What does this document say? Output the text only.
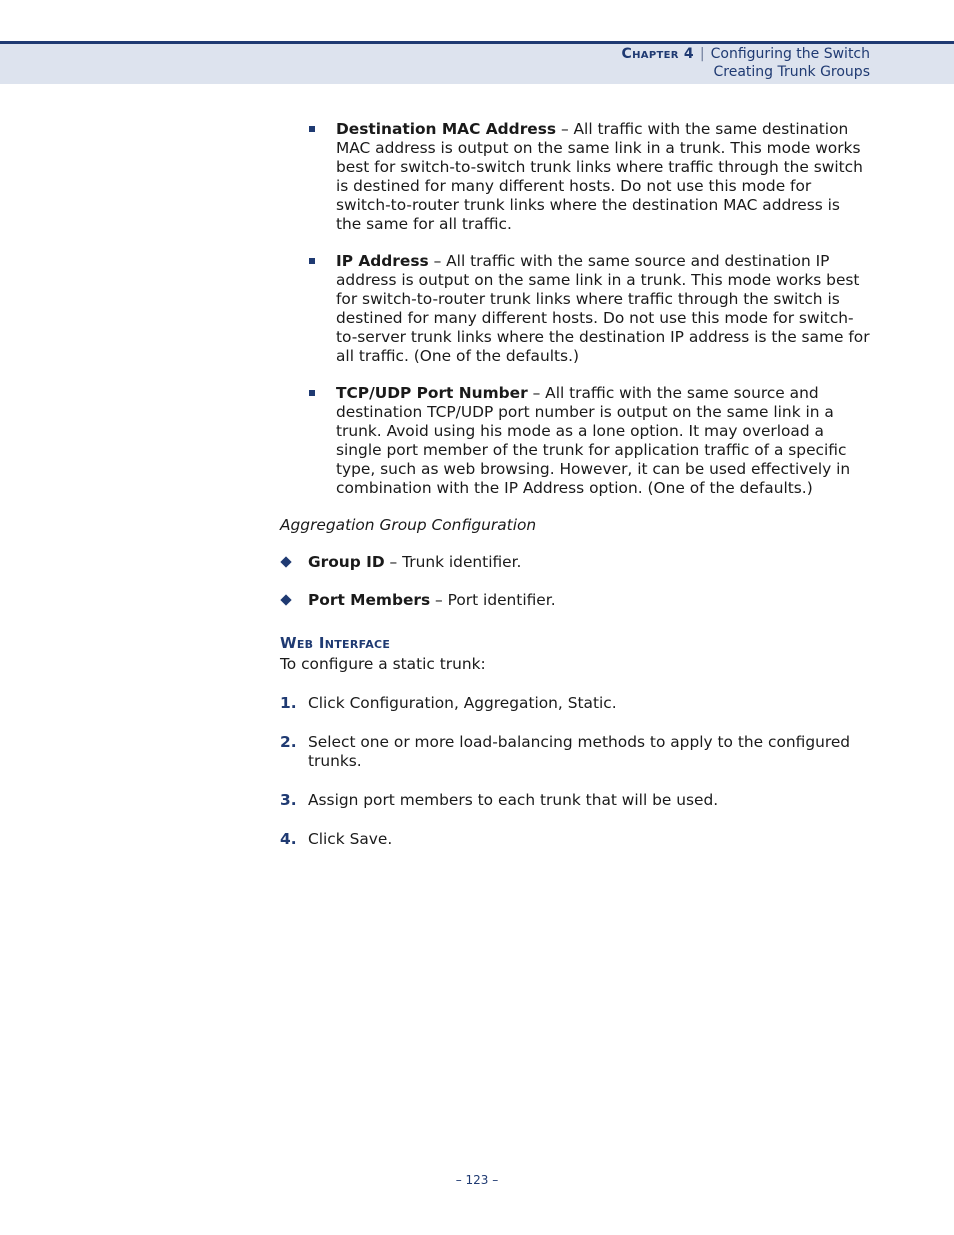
Chapter 4 | Configuring the Switch
Creating Trunk Groups
Destination MAC Address – All traffic with the same destination MAC address is output on the same link in a trunk. This mode works best for switch-to-switch trunk links where traffic through the switch is destined for many different hosts. Do not use this mode for switch-to-router trunk links where the destination MAC address is the same for all traffic.
IP Address – All traffic with the same source and destination IP address is output on the same link in a trunk. This mode works best for switch-to-router trunk links where traffic through the switch is destined for many different hosts. Do not use this mode for switch-to-server trunk links where the destination IP address is the same for all traffic. (One of the defaults.)
TCP/UDP Port Number – All traffic with the same source and destination TCP/UDP port number is output on the same link in a trunk. Avoid using his mode as a lone option. It may overload a single port member of the trunk for application traffic of a specific type, such as web browsing. However, it can be used effectively in combination with the IP Address option. (One of the defaults.)

Aggregation Group Configuration

Group ID – Trunk identifier.
Port Members – Port identifier.
Web Interface

To configure a static trunk:

1. Click Configuration, Aggregation, Static.
2. Select one or more load-balancing methods to apply to the configured trunks.
3. Assign port members to each trunk that will be used.
4. Click Save.
– 123 –
